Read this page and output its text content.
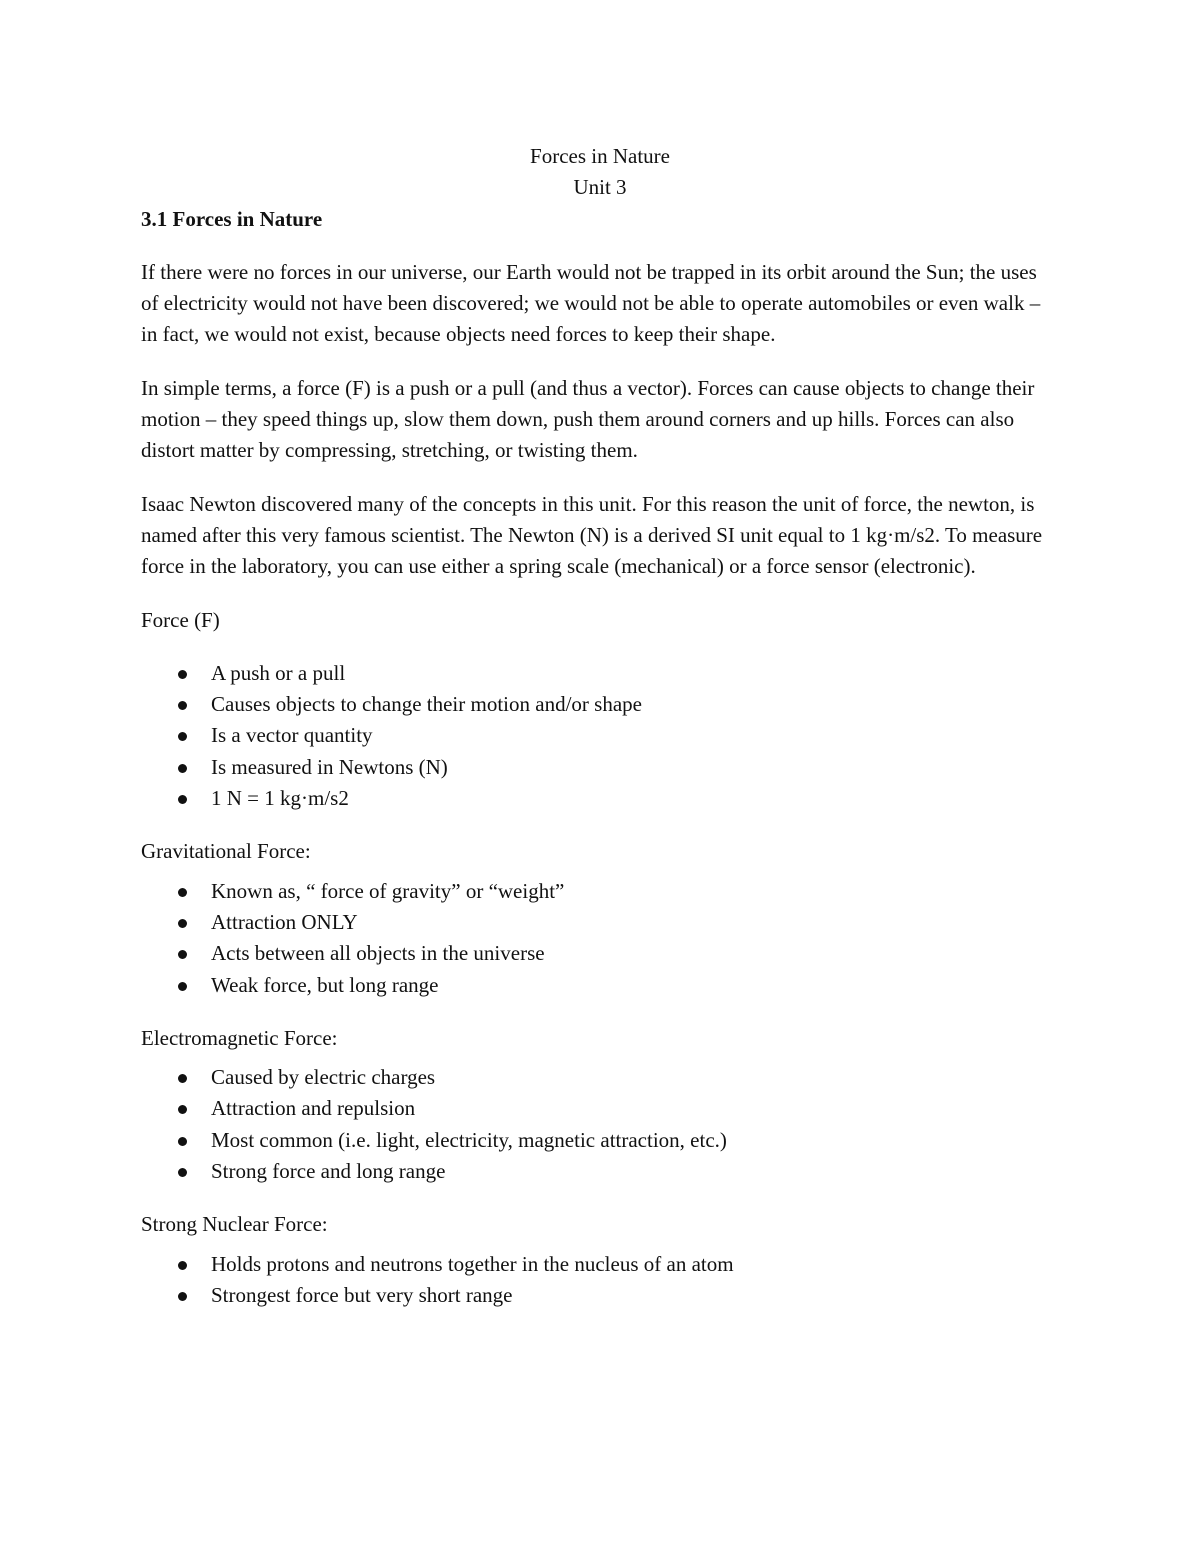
Forces in Nature
Unit 3
3.1 Forces in Nature

If there were no forces in our universe, our Earth would not be trapped in its orbit around the Sun; the uses of electricity would not have been discovered; we would not be able to operate automobiles or even walk – in fact, we would not exist, because objects need forces to keep their shape.

In simple terms, a force (F) is a push or a pull (and thus a vector). Forces can cause objects to change their motion – they speed things up, slow them down, push them around corners and up hills. Forces can also distort matter by compressing, stretching, or twisting them.

Isaac Newton discovered many of the concepts in this unit. For this reason the unit of force, the newton, is named after this very famous scientist. The Newton (N) is a derived SI unit equal to 1 kg·m/s2. To measure force in the laboratory, you can use either a spring scale (mechanical) or a force sensor (electronic).

Force (F)
A push or a pull
Causes objects to change their motion and/or shape
Is a vector quantity
Is measured in Newtons (N)
1 N = 1 kg·m/s2
Gravitational Force:
Known as, “ force of gravity” or “weight”
Attraction ONLY
Acts between all objects in the universe
Weak force, but long range
Electromagnetic Force:
Caused by electric charges
Attraction and repulsion
Most common (i.e. light, electricity, magnetic attraction, etc.)
Strong force and long range
Strong Nuclear Force:
Holds protons and neutrons together in the nucleus of an atom
Strongest force but very short range
